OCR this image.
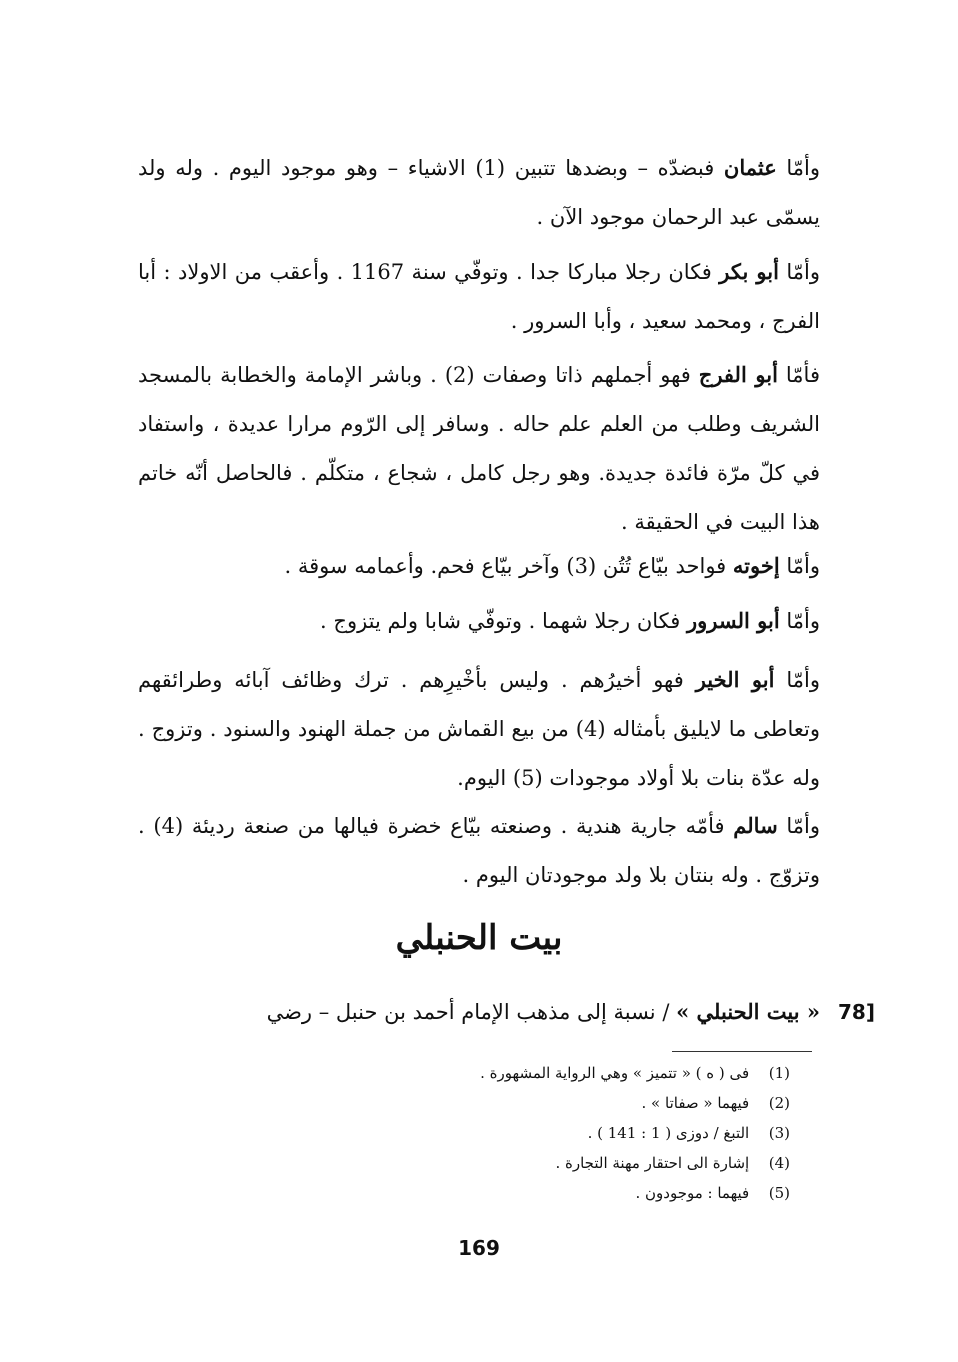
وأمّا عثمان فبضدّه – وبضدها تتبين (1) الاشياء – وهو موجود اليوم . وله ولد يسمّى عبد الرحمان موجود الآن .

وأمّا أبو بكر فكان رجلا مباركا جدا . وتوفّي سنة 1167 . وأعقب من الاولاد : أبا الفرج ، ومحمد سعيد ، وأبا السرور .

فأمّا أبو الفرج فهو أجملهم ذاتا وصفات (2) . وباشر الإمامة والخطابة بالمسجد الشريف وطلب من العلم علم حاله . وسافر إلى الرّوم مرارا عديدة ، واستفاد في كلّ مرّة فائدة جديدة. وهو رجل كامل ، شجاع ، متكلّم . فالحاصل أنّه خاتم هذا البيت في الحقيقة .

وأمّا إخوته فواحد بيّاع تُتُن (3) وآخر بيّاع فحم. وأعمامه سوقة .

وأمّا أبو السرور فكان رجلا شهما . وتوفّي شابا ولم يتزوج .

وأمّا أبو الخير فهو أخيرُهم . وليس بأخْيرِهم . ترك وظائف آبائه وطرائقهم وتعاطى ما لايليق بأمثاله (4) من بيع القماش من جملة الهنود والسنود . وتزوج . وله عدّة بنات بلا أولاد موجودات (5) اليوم.

وأمّا سالم فأمّه جارية هندية . وصنعته بيّاع خضرة فيالها من صنعة رديئة (4) . وتزوّج . وله بنتان بلا ولد موجودتان اليوم .

بيت الحنبلي
78]

« بيت الحنبلي » / نسبة إلى مذهب الإمام أحمد بن حنبل – رضي

(1) فى ( ه ) « تتميز » وهي الرواية المشهورة .
(2) فيهما « صفاتا » .
(3) التبغ / دوزى ( 1 : 141 ) .
(4) إشارة الى احتقار مهنة التجارة .
(5) فيهما : موجودون .
169
